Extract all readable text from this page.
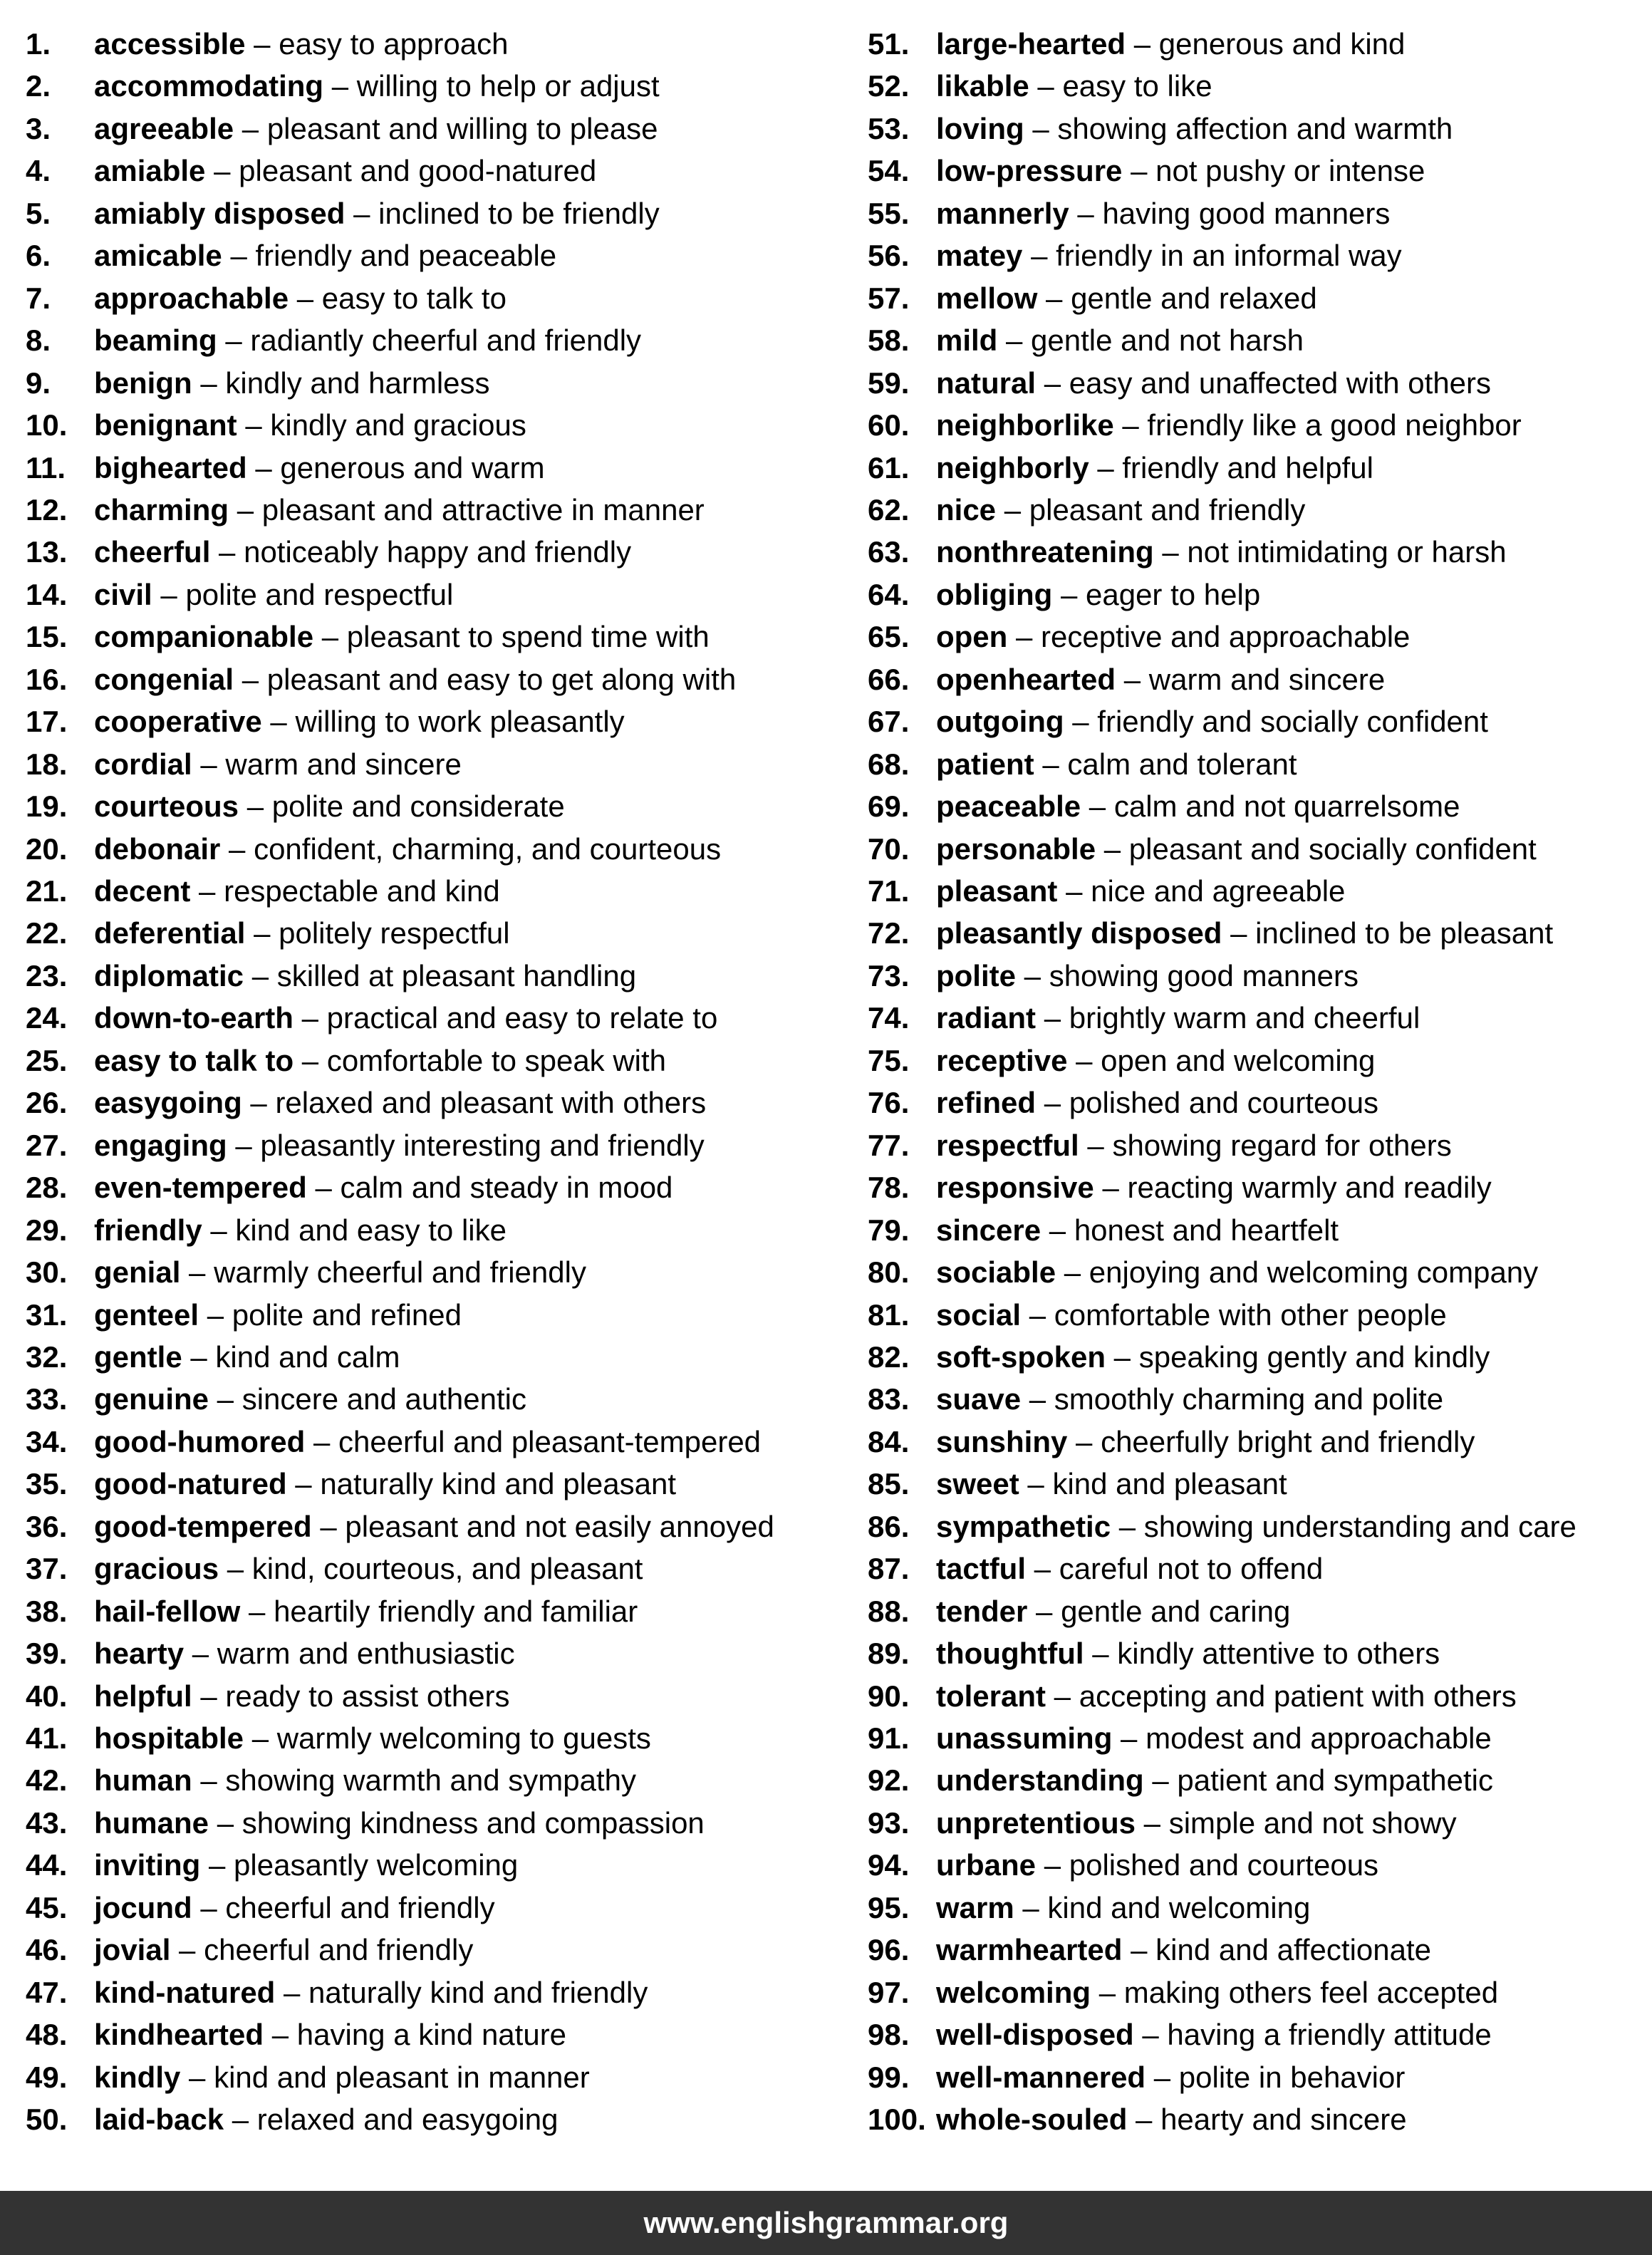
1. accessible – easy to approach
2. accommodating – willing to help or adjust
3. agreeable – pleasant and willing to please
4. amiable – pleasant and good-natured
5. amiably disposed – inclined to be friendly
6. amicable – friendly and peaceable
7. approachable – easy to talk to
8. beaming – radiantly cheerful and friendly
9. benign – kindly and harmless
10. benignant – kindly and gracious
11. bighearted – generous and warm
12. charming – pleasant and attractive in manner
13. cheerful – noticeably happy and friendly
14. civil – polite and respectful
15. companionable – pleasant to spend time with
16. congenial – pleasant and easy to get along with
17. cooperative – willing to work pleasantly
18. cordial – warm and sincere
19. courteous – polite and considerate
20. debonair – confident, charming, and courteous
21. decent – respectable and kind
22. deferential – politely respectful
23. diplomatic – skilled at pleasant handling
24. down-to-earth – practical and easy to relate to
25. easy to talk to – comfortable to speak with
26. easygoing – relaxed and pleasant with others
27. engaging – pleasantly interesting and friendly
28. even-tempered – calm and steady in mood
29. friendly – kind and easy to like
30. genial – warmly cheerful and friendly
31. genteel – polite and refined
32. gentle – kind and calm
33. genuine – sincere and authentic
34. good-humored – cheerful and pleasant-tempered
35. good-natured – naturally kind and pleasant
36. good-tempered – pleasant and not easily annoyed
37. gracious – kind, courteous, and pleasant
38. hail-fellow – heartily friendly and familiar
39. hearty – warm and enthusiastic
40. helpful – ready to assist others
41. hospitable – warmly welcoming to guests
42. human – showing warmth and sympathy
43. humane – showing kindness and compassion
44. inviting – pleasantly welcoming
45. jocund – cheerful and friendly
46. jovial – cheerful and friendly
47. kind-natured – naturally kind and friendly
48. kindhearted – having a kind nature
49. kindly – kind and pleasant in manner
50. laid-back – relaxed and easygoing
51. large-hearted – generous and kind
52. likable – easy to like
53. loving – showing affection and warmth
54. low-pressure – not pushy or intense
55. mannerly – having good manners
56. matey – friendly in an informal way
57. mellow – gentle and relaxed
58. mild – gentle and not harsh
59. natural – easy and unaffected with others
60. neighborlike – friendly like a good neighbor
61. neighborly – friendly and helpful
62. nice – pleasant and friendly
63. nonthreatening – not intimidating or harsh
64. obliging – eager to help
65. open – receptive and approachable
66. openhearted – warm and sincere
67. outgoing – friendly and socially confident
68. patient – calm and tolerant
69. peaceable – calm and not quarrelsome
70. personable – pleasant and socially confident
71. pleasant – nice and agreeable
72. pleasantly disposed – inclined to be pleasant
73. polite – showing good manners
74. radiant – brightly warm and cheerful
75. receptive – open and welcoming
76. refined – polished and courteous
77. respectful – showing regard for others
78. responsive – reacting warmly and readily
79. sincere – honest and heartfelt
80. sociable – enjoying and welcoming company
81. social – comfortable with other people
82. soft-spoken – speaking gently and kindly
83. suave – smoothly charming and polite
84. sunshiny – cheerfully bright and friendly
85. sweet – kind and pleasant
86. sympathetic – showing understanding and care
87. tactful – careful not to offend
88. tender – gentle and caring
89. thoughtful – kindly attentive to others
90. tolerant – accepting and patient with others
91. unassuming – modest and approachable
92. understanding – patient and sympathetic
93. unpretentious – simple and not showy
94. urbane – polished and courteous
95. warm – kind and welcoming
96. warmhearted – kind and affectionate
97. welcoming – making others feel accepted
98. well-disposed – having a friendly attitude
99. well-mannered – polite in behavior
100. whole-souled – hearty and sincere
www.englishgrammar.org
